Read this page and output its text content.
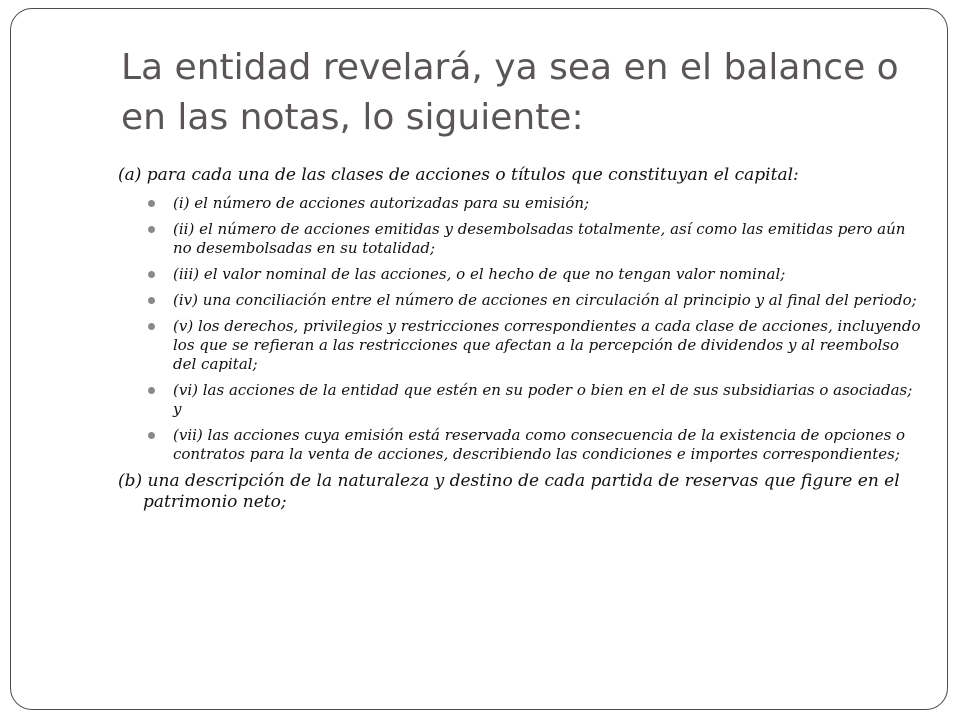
La entidad revelará, ya sea en el balance o en las notas, lo siguiente:

(a) para cada una de las clases de acciones o títulos que constituyan el capital:

(i) el número de acciones autorizadas para su emisión;
(ii) el número de acciones emitidas y desembolsadas totalmente, así como las emitidas pero aún no desembolsadas en su totalidad;
(iii) el valor nominal de las acciones, o el hecho de que no tengan valor nominal;
(iv) una conciliación entre el número de acciones en circulación al principio y al final del periodo;
(v) los derechos, privilegios y restricciones correspondientes a cada clase de acciones, incluyendo los que se refieran a las restricciones que afectan a la percepción de dividendos y al reembolso del capital;
(vi) las acciones de la entidad que estén en su poder o bien en el de sus subsidiarias o asociadas; y
(vii) las acciones cuya emisión está reservada como consecuencia de la existencia de opciones o contratos para la venta de acciones, describiendo las condiciones e importes correspondientes;

(b) una descripción de la naturaleza y destino de cada partida de reservas que figure en el patrimonio neto;
